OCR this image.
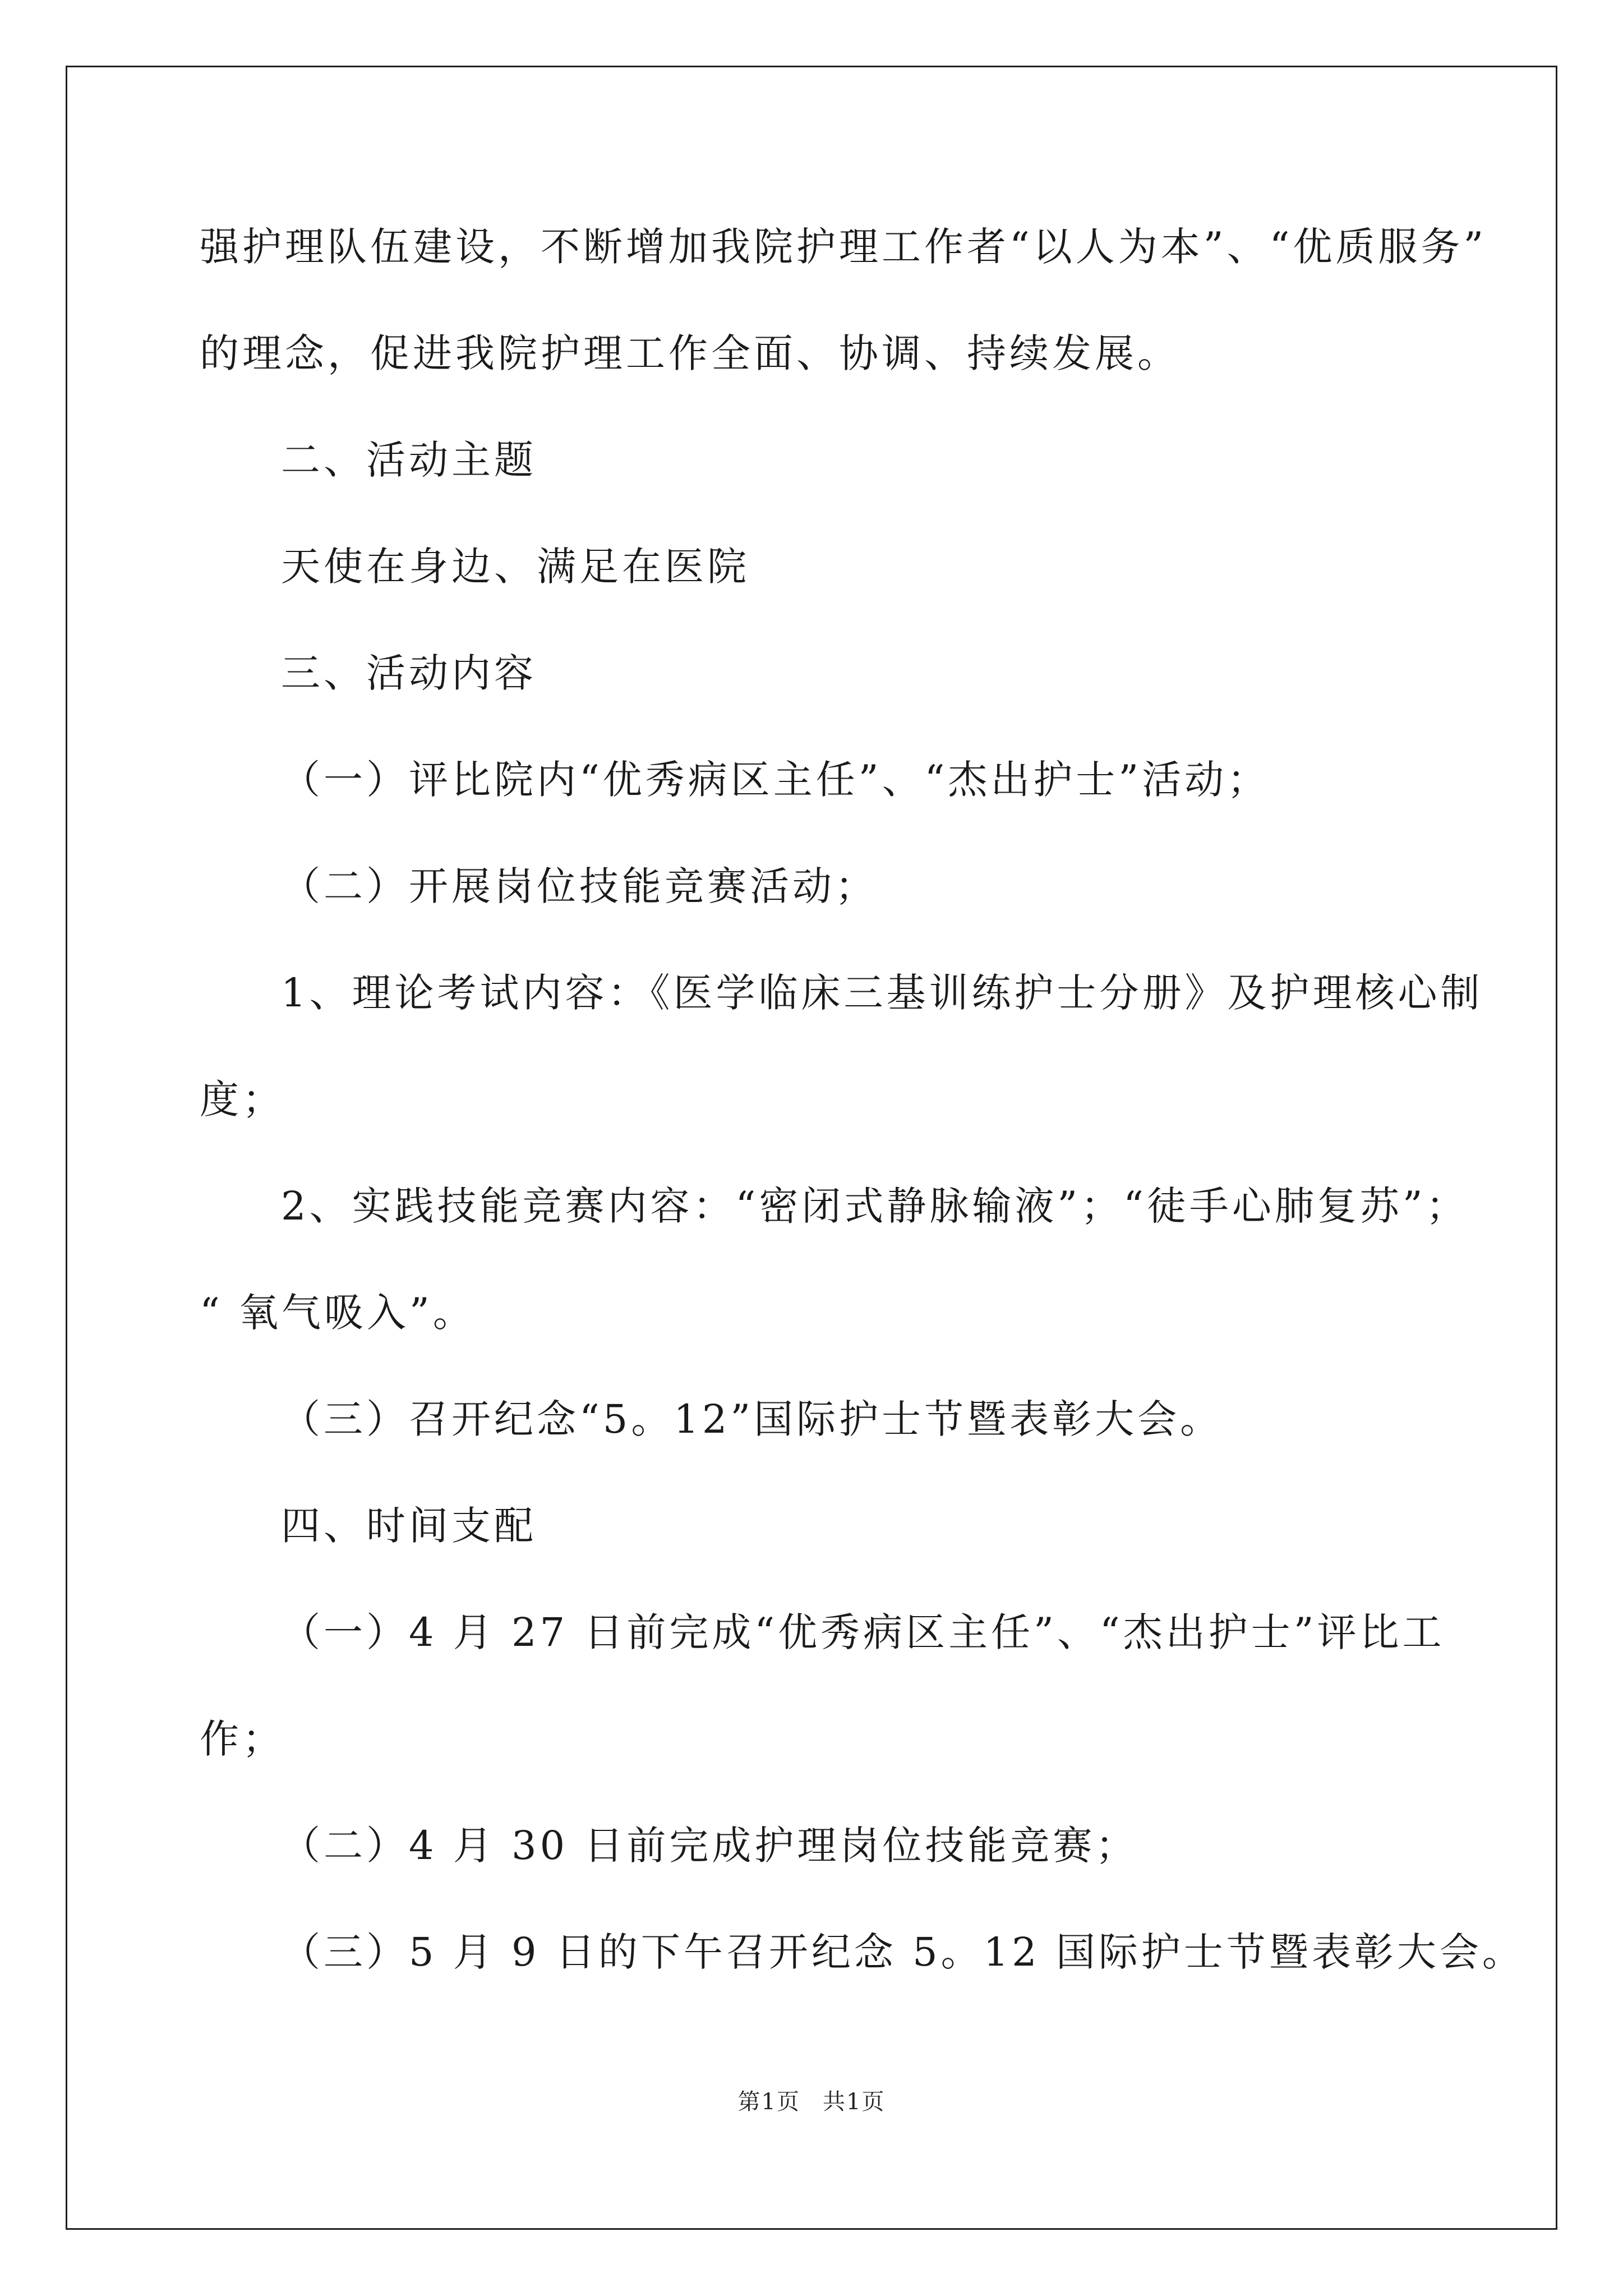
强护理队伍建设，不断增加我院护理工作者“以人为本”、“优质服务”
的理念，促进我院护理工作全面、协调、持续发展。
二、活动主题
天使在身边、满足在医院
三、活动内容
（一）评比院内“优秀病区主任”、“杰出护士”活动；
（二）开展岗位技能竞赛活动；
1、理论考试内容：《医学临床三基训练护士分册》及护理核心制
度；
2、实践技能竞赛内容：“密闭式静脉输液”；“徒手心肺复苏”；
“ 氧气吸入”。
（三）召开纪念“5。12”国际护士节暨表彰大会。
四、时间支配
（一）4 月 27 日前完成“优秀病区主任”、“杰出护士”评比工
作；
（二）4 月 30 日前完成护理岗位技能竞赛；
（三）5 月 9 日的下午召开纪念 5。12 国际护士节暨表彰大会。
第1页 共1页
